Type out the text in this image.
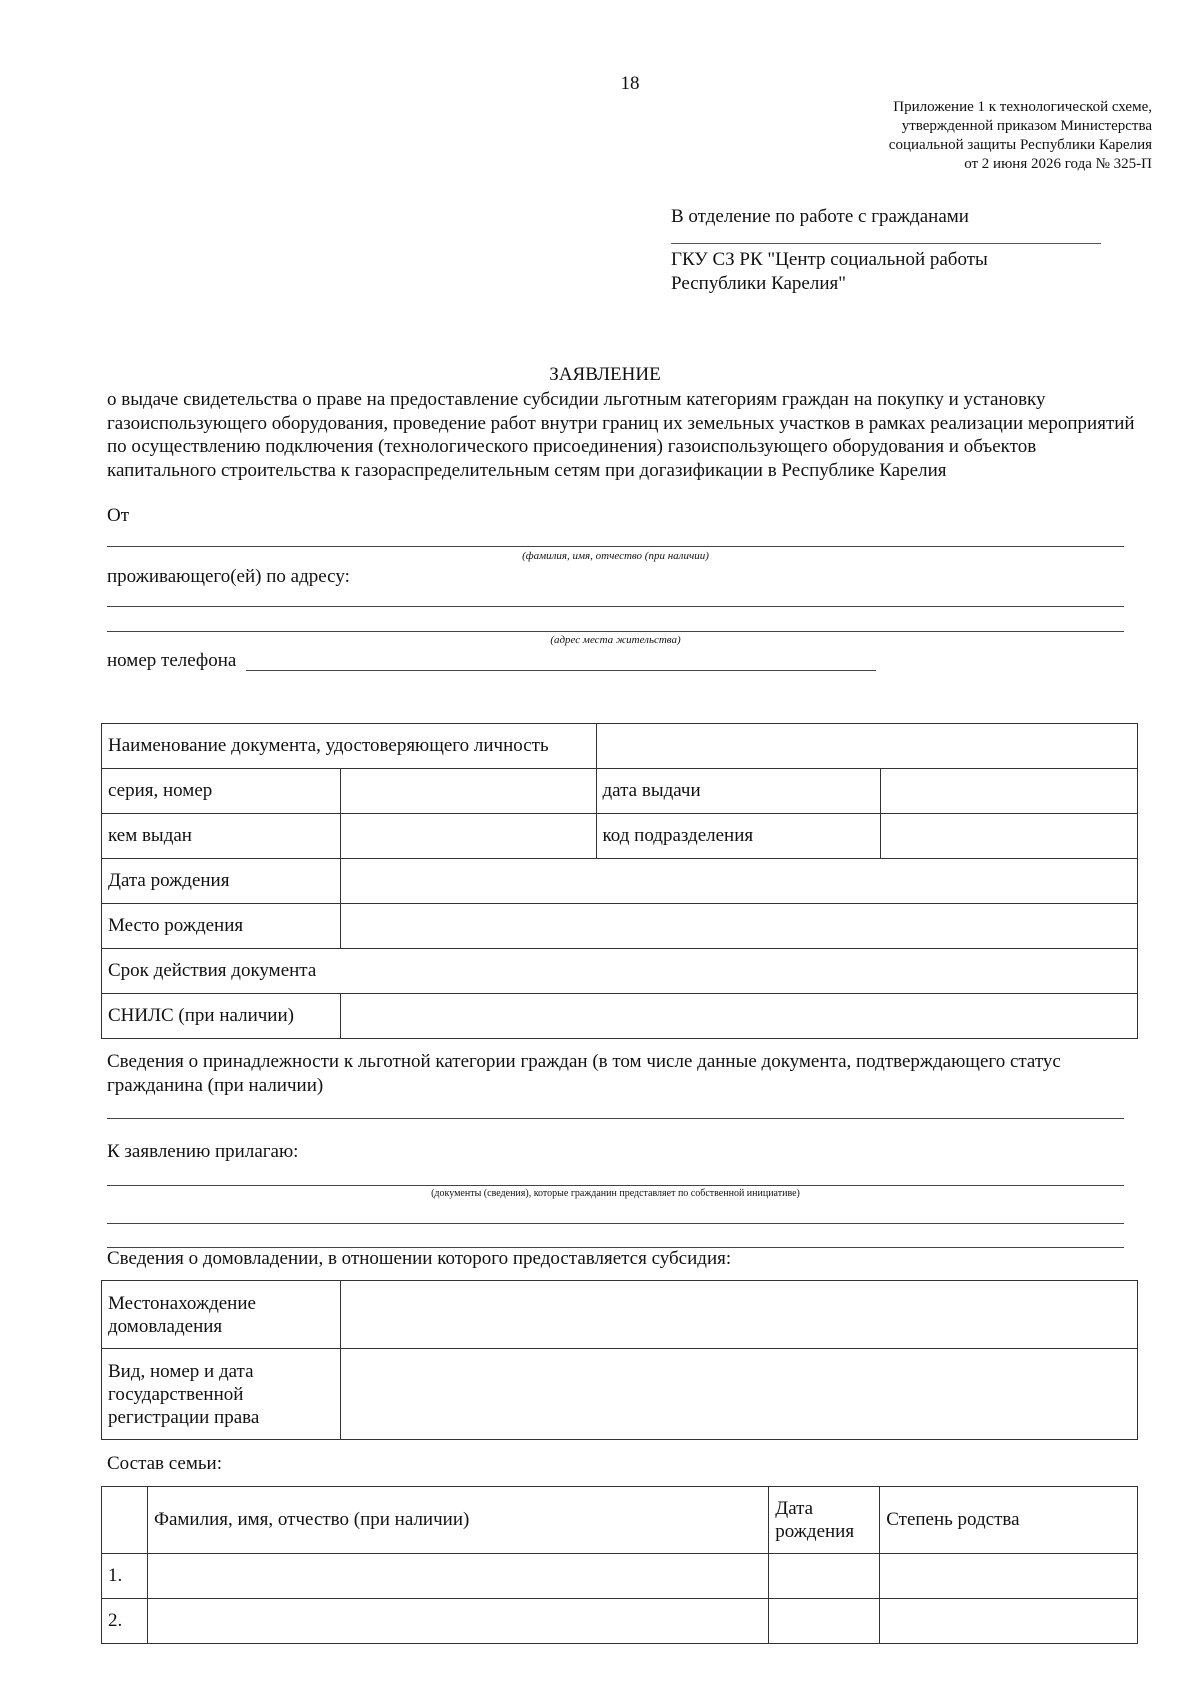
18
Приложение 1 к технологической схеме,
утвержденной приказом Министерства
социальной защиты Республики Карелия
от 2 июня 2026 года № 325-П
В отделение по работе с гражданами
ГКУ СЗ РК "Центр социальной работы
Республики Карелия"
ЗАЯВЛЕНИЕ
о выдаче свидетельства о праве на предоставление субсидии льготным категориям граждан на покупку и установку газоиспользующего оборудования, проведение работ внутри границ их земельных участков в рамках реализации мероприятий по осуществлению подключения (технологического присоединения) газоиспользующего оборудования и объектов капитального строительства к газораспределительным сетям при догазификации в Республике Карелия
От
(фамилия, имя, отчество (при наличии)
проживающего(ей) по адресу:
(адрес места жительства)
номер телефона
Наименование документа, удостоверяющего личность			
серия, номер		дата выдачи	
кем выдан		код подразделения	
Дата рождения			
Место рождения			
Срок действия документа			
СНИЛС (при наличии)			
Сведения о принадлежности к льготной категории граждан (в том числе данные документа, подтверждающего статус гражданина (при наличии)
К заявлению прилагаю:
(документы (сведения), которые гражданин представляет по собственной инициативе)
Сведения о домовладении, в отношении которого предоставляется субсидия:
Местонахождение домовладения	
Вид, номер и дата государственной регистрации права	
Состав семьи:
	Фамилия, имя, отчество (при наличии)	Дата рождения	Степень родства
1.			
2.			
